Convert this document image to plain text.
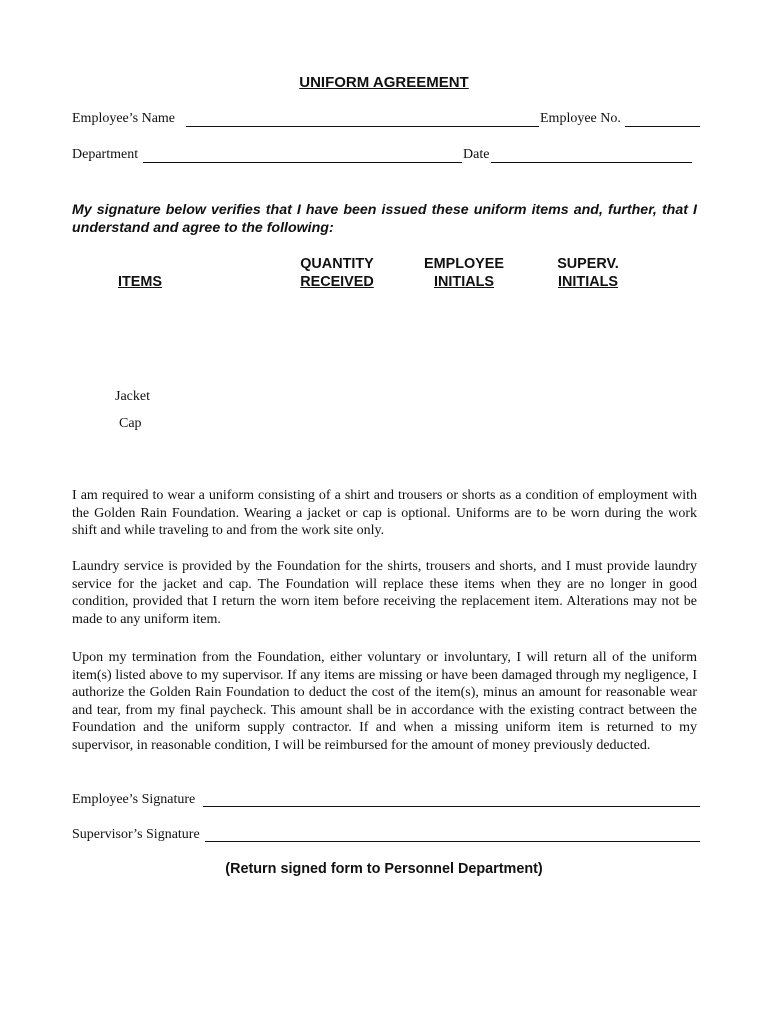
UNIFORM AGREEMENT
Employee’s Name	Employee No.
Department	Date
My signature below verifies that I have been issued these uniform items and, further, that I understand and agree to the following:
ITEMS
QUANTITY
RECEIVED
EMPLOYEE
INITIALS
SUPERV.
INITIALS
Jacket
Cap
I am required to wear a uniform consisting of a shirt and trousers or shorts as a condition of employment with the Golden Rain Foundation. Wearing a jacket or cap is optional. Uniforms are to be worn during the work shift and while traveling to and from the work site only.
Laundry service is provided by the Foundation for the shirts, trousers and shorts, and I must provide laundry service for the jacket and cap. The Foundation will replace these items when they are no longer in good condition, provided that I return the worn item before receiving the replacement item. Alterations may not be made to any uniform item.
Upon my termination from the Foundation, either voluntary or involuntary, I will return all of the uniform item(s) listed above to my supervisor. If any items are missing or have been damaged through my negligence, I authorize the Golden Rain Foundation to deduct the cost of the item(s), minus an amount for reasonable wear and tear, from my final paycheck. This amount shall be in accordance with the existing contract between the Foundation and the uniform supply contractor. If and when a missing uniform item is returned to my supervisor, in reasonable condition, I will be reimbursed for the amount of money previously deducted.
Employee’s Signature
Supervisor’s Signature
(Return signed form to Personnel Department)
